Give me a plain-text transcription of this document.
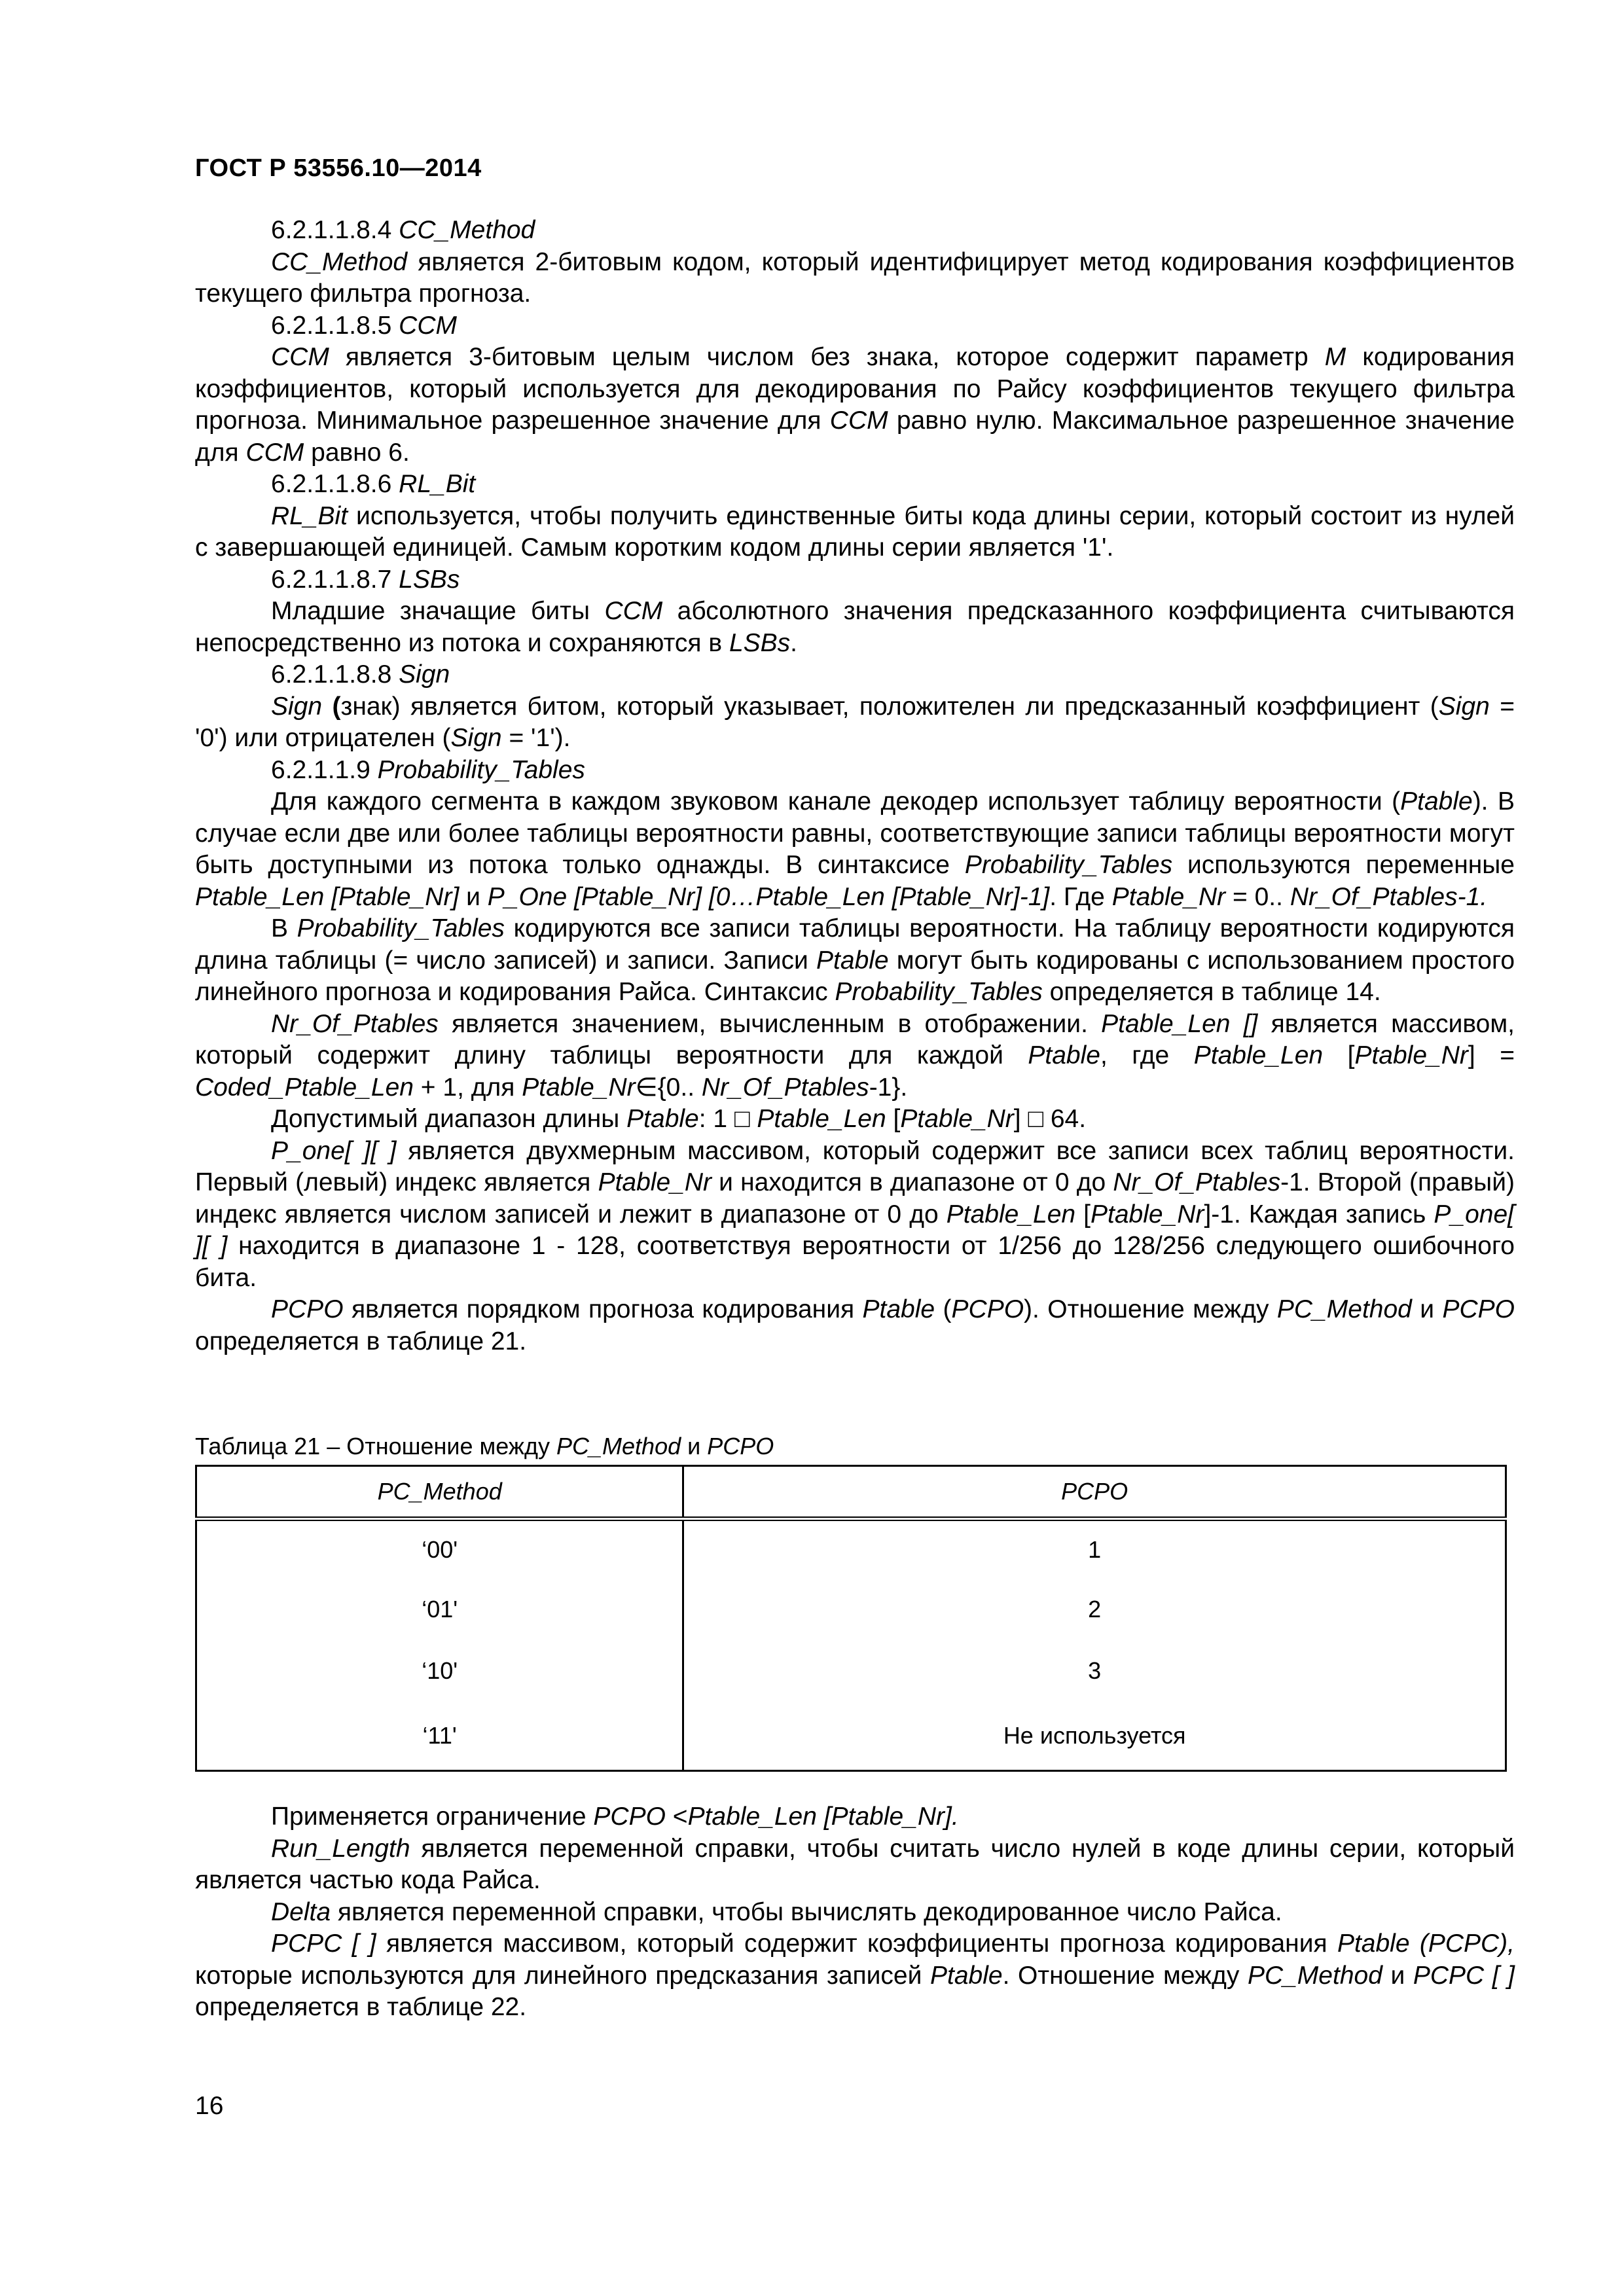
ГОСТ Р 53556.10—2014

6.2.1.1.8.4 CC_Method

CC_Method является 2-битовым кодом, который идентифицирует метод кодирования коэффициентов текущего фильтра прогноза.

6.2.1.1.8.5 CCM

CCM является 3-битовым целым числом без знака, которое содержит параметр M кодирования коэффициентов, который используется для декодирования по Райсу коэффициентов текущего фильтра прогноза. Минимальное разрешенное значение для CCM равно нулю. Максимальное разрешенное значение для CCM равно 6.

6.2.1.1.8.6 RL_Bit

RL_Bit используется, чтобы получить единственные биты кода длины серии, который состоит из нулей с завершающей единицей. Самым коротким кодом длины серии является '1'.

6.2.1.1.8.7 LSBs

Младшие значащие биты CCM абсолютного значения предсказанного коэффициента считываются непосредственно из потока и сохраняются в LSBs.

6.2.1.1.8.8 Sign

Sign (знак) является битом, который указывает, положителен ли предсказанный коэффициент (Sign = '0') или отрицателен (Sign = '1').

6.2.1.1.9 Probability_Tables

Для каждого сегмента в каждом звуковом канале декодер использует таблицу вероятности (Ptable). В случае если две или более таблицы вероятности равны, соответствующие записи таблицы вероятности могут быть доступными из потока только однажды. В синтаксисе Probability_Tables используются переменные Ptable_Len [Ptable_Nr] и P_One [Ptable_Nr] [0…Ptable_Len [Ptable_Nr]-1]. Где Ptable_Nr = 0.. Nr_Of_Ptables-1.

В Probability_Tables кодируются все записи таблицы вероятности. На таблицу вероятности кодируются длина таблицы (= число записей) и записи. Записи Ptable могут быть кодированы с использованием простого линейного прогноза и кодирования Райса. Синтаксис Probability_Tables определяется в таблице 14.

Nr_Of_Ptables является значением, вычисленным в отображении. Ptable_Len [] является массивом, который содержит длину таблицы вероятности для каждой Ptable, где Ptable_Len [Ptable_Nr] = Coded_Ptable_Len + 1, для Ptable_Nr∈{0.. Nr_Of_Ptables-1}.

Допустимый диапазон длины Ptable: 1 □ Ptable_Len [Ptable_Nr] □ 64.

P_one[ ][ ] является двухмерным массивом, который содержит все записи всех таблиц вероятности. Первый (левый) индекс является Ptable_Nr и находится в диапазоне от 0 до Nr_Of_Ptables-1. Второй (правый) индекс является числом записей и лежит в диапазоне от 0 до Ptable_Len [Ptable_Nr]-1. Каждая запись P_one[ ][ ] находится в диапазоне 1 - 128, соответствуя вероятности от 1/256 до 128/256 следующего ошибочного бита.

PCPO является порядком прогноза кодирования Ptable (PCPO). Отношение между PC_Method и PCPO определяется в таблице 21.

Таблица 21 – Отношение между PC_Method и PCPO
PC_Method	PCPO
‘00'	1
‘01'	2
‘10'	3
‘11'	Не используется

Применяется ограничение PCPO <Ptable_Len [Ptable_Nr].

Run_Length является переменной справки, чтобы считать число нулей в коде длины серии, который является частью кода Райса.

Delta является переменной справки, чтобы вычислять декодированное число Райса.

PCPC [ ] является массивом, который содержит коэффициенты прогноза кодирования Ptable (PCPC), которые используются для линейного предсказания записей Ptable. Отношение между PC_Method и PCPC [ ] определяется в таблице 22.

16
